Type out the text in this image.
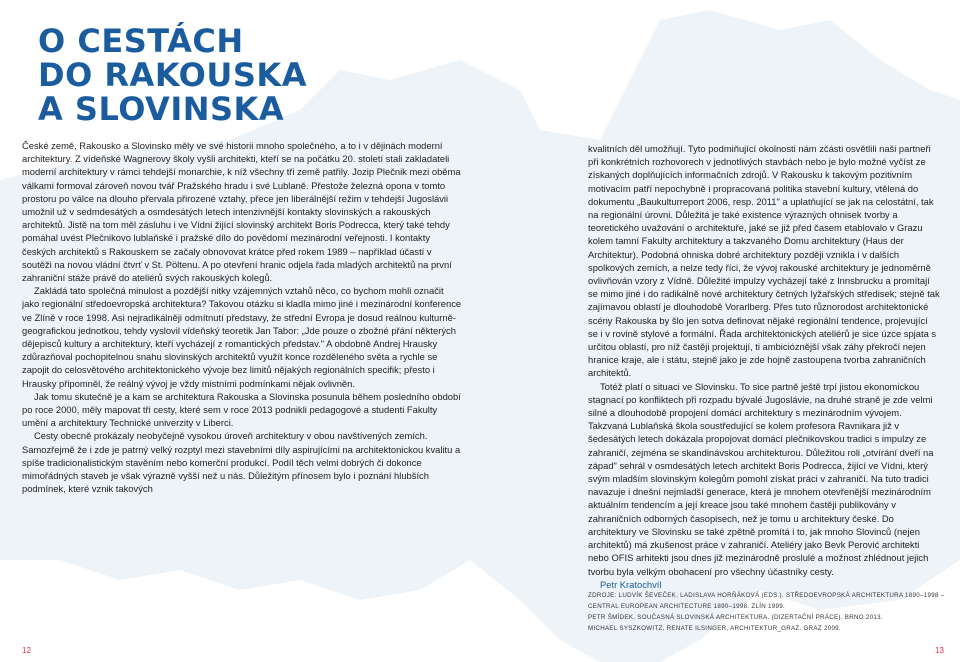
O CESTÁCH
DO RAKOUSKA
A SLOVINSKA

České země, Rakousko a Slovinsko měly ve své historii mnoho společného, a to i v dějinách moderní architektury. Z vídeňské Wagnerovy školy vyšli architekti, kteří se na počátku 20. století stali zakladateli moderní architektury v rámci tehdejší monarchie, k níž všechny tři země patřily. Jozip Plečnik mezi oběma válkami formoval zároveň novou tvář Pražského hradu i své Lublaně. Přestože železná opona v tomto prostoru po válce na dlouho přervala přirozené vztahy, přece jen liberálnější režim v tehdejší Jugoslávii umožnil už v sedmdesátých a osmdesátých letech intenzivnější kontakty slovinských a rakouských architektů. Jistě na tom měl zásluhu i ve Vídni žijící slovinský architekt Boris Podrecca, který také tehdy pomáhal uvést Plečnikovo lublaňské i pražské dílo do povědomí mezinárodní veřejnosti. I kontakty českých architektů s Rakouskem se začaly obnovovat krátce před rokem 1989 – například účastí v soutěži na novou vládní čtvrť v St. Pöltenu. A po otevření hranic odjela řada mladých architektů na první zahraniční stáže právě do ateliérů svých rakouských kolegů.

Zakládá tato společná minulost a pozdější nitky vzájemných vztahů něco, co bychom mohli označit jako regionální středoevropská architektura? Takovou otázku si kladla mimo jiné i mezinárodní konference ve Zlíně v roce 1998. Asi nejradikálněji odmítnutí představy, že střední Evropa je dosud reálnou kulturně-geografickou jednotkou, tehdy vyslovil vídeňský teoretik Jan Tabor: „Jde pouze o zbožné přání některých dějepisců kultury a architektury, kteří vycházejí z romantických představ." A obdobně Andrej Hrausky zdůrazňoval pochopitelnou snahu slovinských architektů využít konce rozděleného světa a rychle se zapojit do celosvětového architektonického vývoje bez limitů nějakých regionálních specifik; přesto i Hrausky připomněl, že reálný vývoj je vždy mistními podmínkami nějak ovlivněn.

Jak tomu skutečně je a kam se architektura Rakouska a Slovinska posunula během posledního období po roce 2000, měly mapovat tři cesty, které sem v roce 2013 podnikli pedagogové a studenti Fakulty umění a architektury Technické univerzity v Liberci.

Cesty obecně prokázaly neobyčejně vysokou úroveň architektury v obou navštívených zemích. Samozřejmě že i zde je patrný velký rozptyl mezi stavebními díly aspirujícími na architektonickou kvalitu a spíše tradicionalistickým stavěním nebo komerční produkcí. Podíl těch velmi dobrých či dokonce mimořádných staveb je však výrazně vyšší než u nás. Důležitým přínosem bylo i poznání hlubších podmínek, které vznik takových

12	13

kvalitních děl umožňují. Tyto podmiňující okolnosti nám zčásti osvětlili naši partneři při konkrétních rozhovorech v jednotlivých stavbách nebo je bylo možné vyčíst ze získaných doplňujících informačních zdrojů. V Rakousku k takovým pozitivním motivacím patří nepochybně i propracovaná politika stavební kultury, vtělená do dokumentu „Baukulturreport 2006, resp. 2011" a uplatňující se jak na celostátní, tak na regionální úrovni. Důležitá je také existence výrazných ohnisek tvorby a teoretického uvažování o architektuře, jaké se již před časem etablovalo v Grazu kolem tamní Fakulty architektury a takzvaného Domu architektury (Haus der Architektur). Podobná ohniska dobré architektury později vznikla i v dalších spolkových zemích, a nelze tedy říci, že vývoj rakouské architektury je jednoměrně ovlivňován vzory z Vídně. Důležité impulzy vycházejí také z Innsbrucku a promítají se mimo jiné i do radikálně nové architektury četných lyžařských středisek; stejně tak zajímavou oblastí je dlouhodobě Vorarlberg. Přes tuto různorodost architektonické scény Rakouska by šlo jen sotva definovat nějaké regionální tendence, projevující se i v rovině stylové a formální. Řada architektonických ateliérů je sice úzce spjata s určitou oblastí, pro níž častěji projektují, ti ambicióznější však záhy překročí nejen hranice kraje, ale i státu, stejně jako je zde hojně zastoupena tvorba zahraničních architektů.

Totéž platí o situaci ve Slovinsku. To sice partně ještě trpí jistou ekonomickou stagnací po konfliktech při rozpadu bývalé Jugoslávie, na druhé straně je zde velmi silné a dlouhodobě propojení domácí architektury s mezinárodním vývojem. Takzvaná Lublaňská škola soustředující se kolem profesora Ravnikara již v šedesátých letech dokázala propojovat domácí plečnikovskou tradici s impulzy ze zahraničí, zejména se skandinávskou architekturou. Důležitou roli „otvírání dveří na západ" sehrál v osmdesátých letech architekt Boris Podrecca, žijící ve Vídni, který svým mladším slovinským kolegům pomohl získat práci v zahraničí. Na tuto tradici navazuje i dnešní nejmladší generace, která je mnohem otevřenější mezinárodním aktuálním tendencím a její kreace jsou také mnohem častěji publikovány v zahraničních odborných časopisech, než je tomu u architektury české. Do architektury ve Slovinsku se také zpětně promítá i to, jak mnoho Slovinců (nejen architektů) má zkušenost práce v zahraničí. Ateliéry jako Bevk Perović architekti nebo OFIS arhitekti jsou dnes již mezinárodně proslulé a možnost zhlédnout jejich tvorbu byla velkým obohacení pro všechny účastníky cesty.

Petr Kratochvíl

ZDROJE: LUDVÍK ŠEVEČEK, LADISLAVA HORŇÁKOVÁ (EDS.). STŘEDOEVROPSKÁ ARCHITEKTURA 1890–1998 –
CENTRAL EUROPEAN ARCHITECTURE 1890–1998. ZLÍN 1999.
PETR ŠMÍDEK, SOUČASNÁ SLOVINSKÁ ARCHITEKTURA. (DIZERTAČNÍ PRÁCE). BRNO 2013.
MICHAEL SYSZKOWITZ, RENATE ILSINGER, ARCHITEKTUR_GRAZ. GRAZ 2009.
